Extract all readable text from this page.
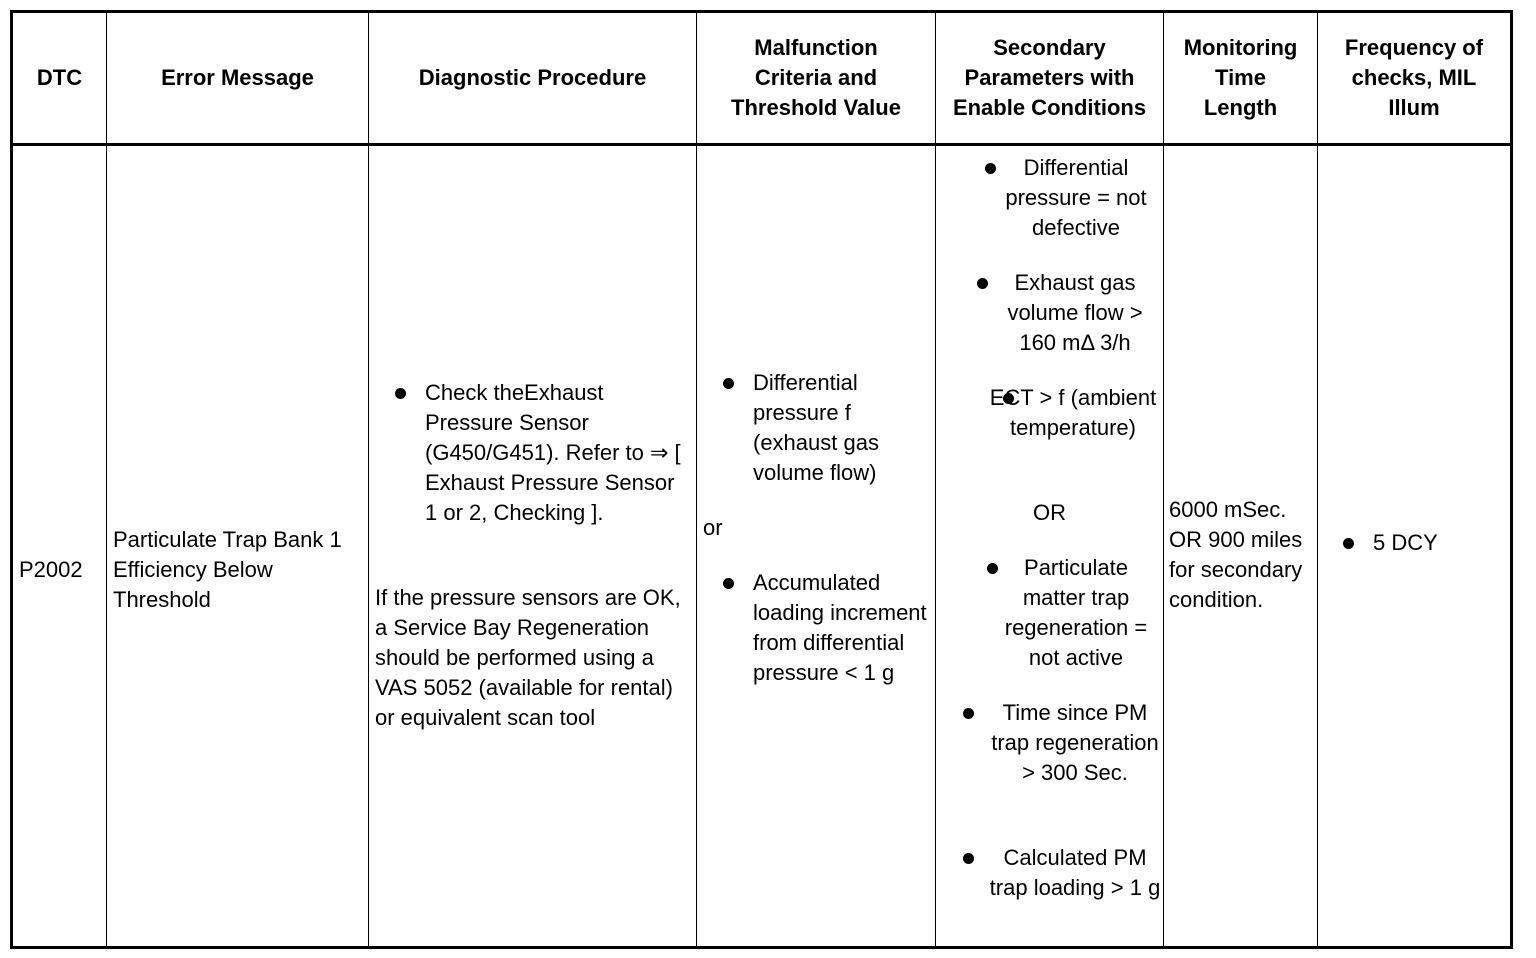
DTC	Error Message	Diagnostic Procedure
Malfunction Criteria and Threshold Value
Secondary Parameters with Enable Conditions
Monitoring Time Length
Frequency of checks, MIL Illum
P2002
Particulate Trap Bank 1 Efficiency Below Threshold
Check theExhaust Pressure Sensor (G450/G451). Refer to ⇒ [ Exhaust Pressure Sensor 1 or 2, Checking ].
If the pressure sensors are OK, a Service Bay Regeneration should be performed using a VAS 5052 (available for rental) or equivalent scan tool
Differential pressure f (exhaust gas volume flow)
or
Accumulated loading increment from differential pressure < 1 g
Differential pressure = not defective
Exhaust gas volume flow > 160 mΔ 3/h
ECT > f (ambient temperature)
OR
Particulate matter trap regeneration = not active
Time since PM trap regeneration > 300 Sec.
Calculated PM trap loading > 1 g
6000 mSec. OR 900 miles for secondary condition.
5 DCY
